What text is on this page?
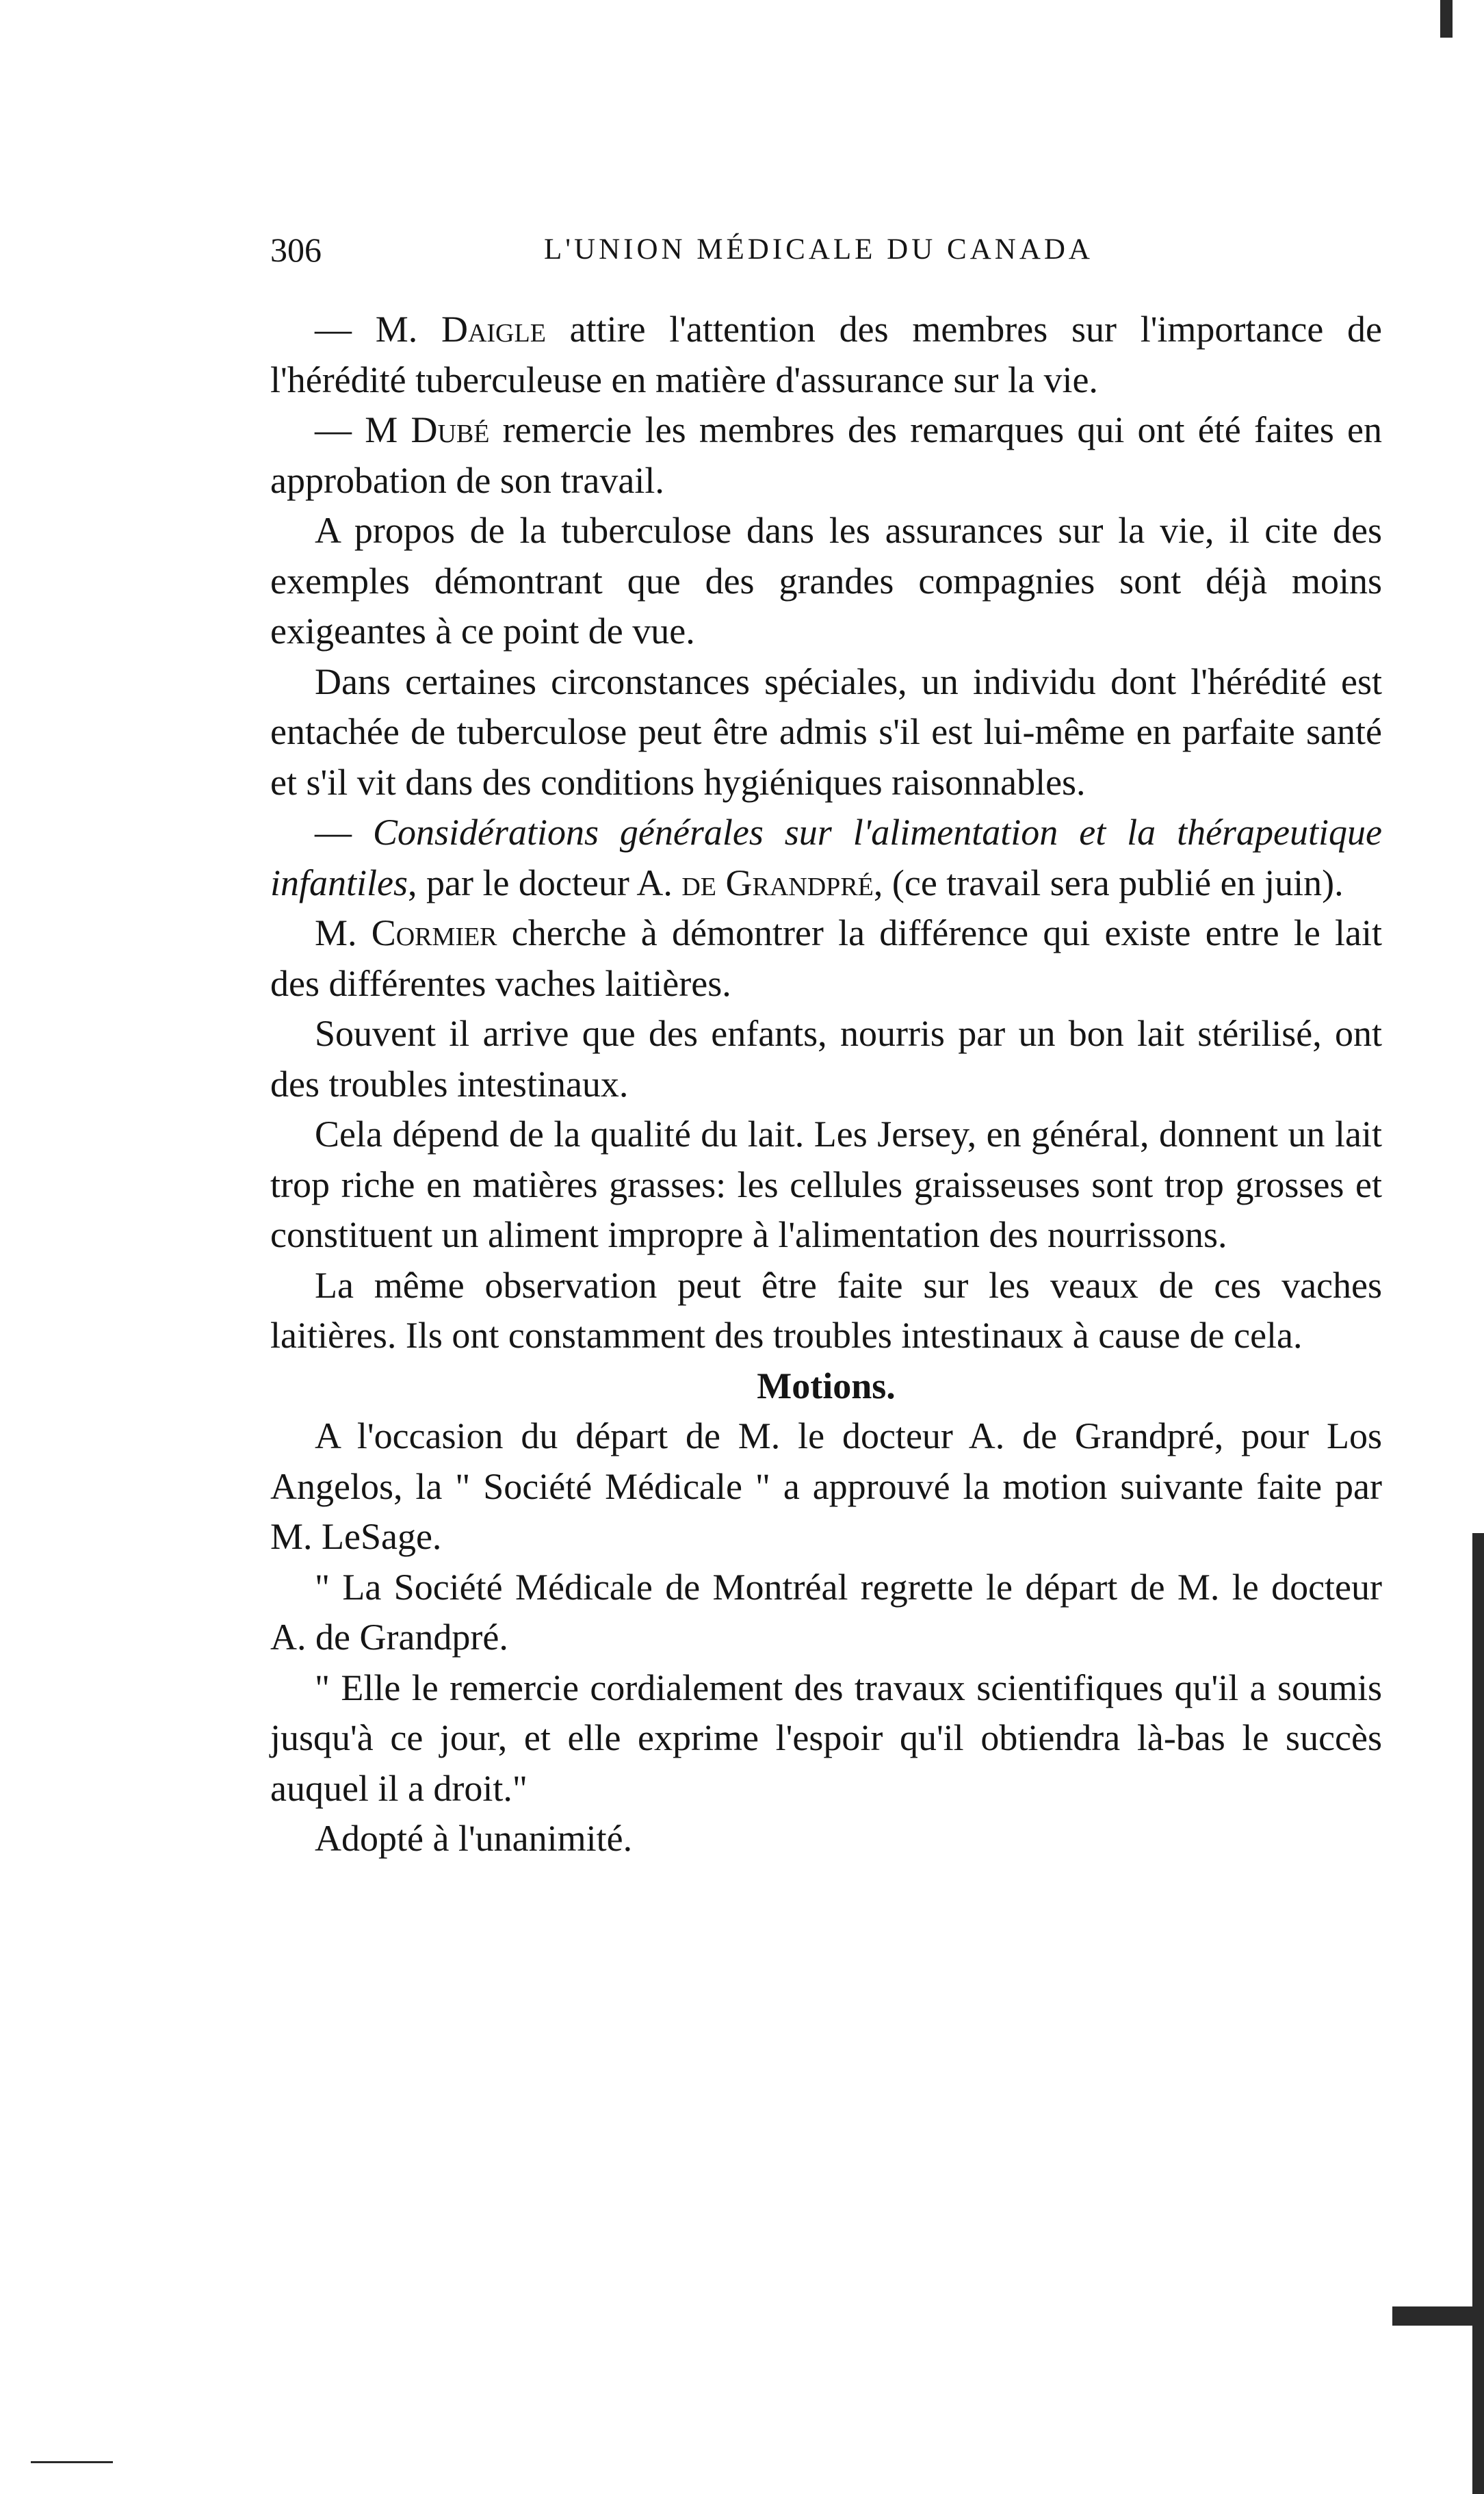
306	L'UNION MÉDICALE DU CANADA

— M. Daigle attire l'attention des membres sur l'importance de l'hérédité tuberculeuse en matière d'assurance sur la vie.

— M Dubé remercie les membres des remarques qui ont été faites en approbation de son travail.

A propos de la tuberculose dans les assurances sur la vie, il cite des exemples démontrant que des grandes compagnies sont déjà moins exigeantes à ce point de vue.

Dans certaines circonstances spéciales, un individu dont l'hérédité est entachée de tuberculose peut être admis s'il est lui-même en parfaite santé et s'il vit dans des conditions hygiéniques raisonnables.

— Considérations générales sur l'alimentation et la thérapeutique infantiles, par le docteur A. de Grandpré, (ce travail sera publié en juin).

M. Cormier cherche à démontrer la différence qui existe entre le lait des différentes vaches laitières.

Souvent il arrive que des enfants, nourris par un bon lait stérilisé, ont des troubles intestinaux.

Cela dépend de la qualité du lait. Les Jersey, en général, donnent un lait trop riche en matières grasses: les cellules graisseuses sont trop grosses et constituent un aliment impropre à l'alimentation des nourrissons.

La même observation peut être faite sur les veaux de ces vaches laitières. Ils ont constamment des troubles intestinaux à cause de cela.

Motions.

A l'occasion du départ de M. le docteur A. de Grandpré, pour Los Angelos, la " Société Médicale " a approuvé la motion suivante faite par M. LeSage.

" La Société Médicale de Montréal regrette le départ de M. le docteur A. de Grandpré.

" Elle le remercie cordialement des travaux scientifiques qu'il a soumis jusqu'à ce jour, et elle exprime l'espoir qu'il obtiendra là-bas le succès auquel il a droit."

Adopté à l'unanimité.
